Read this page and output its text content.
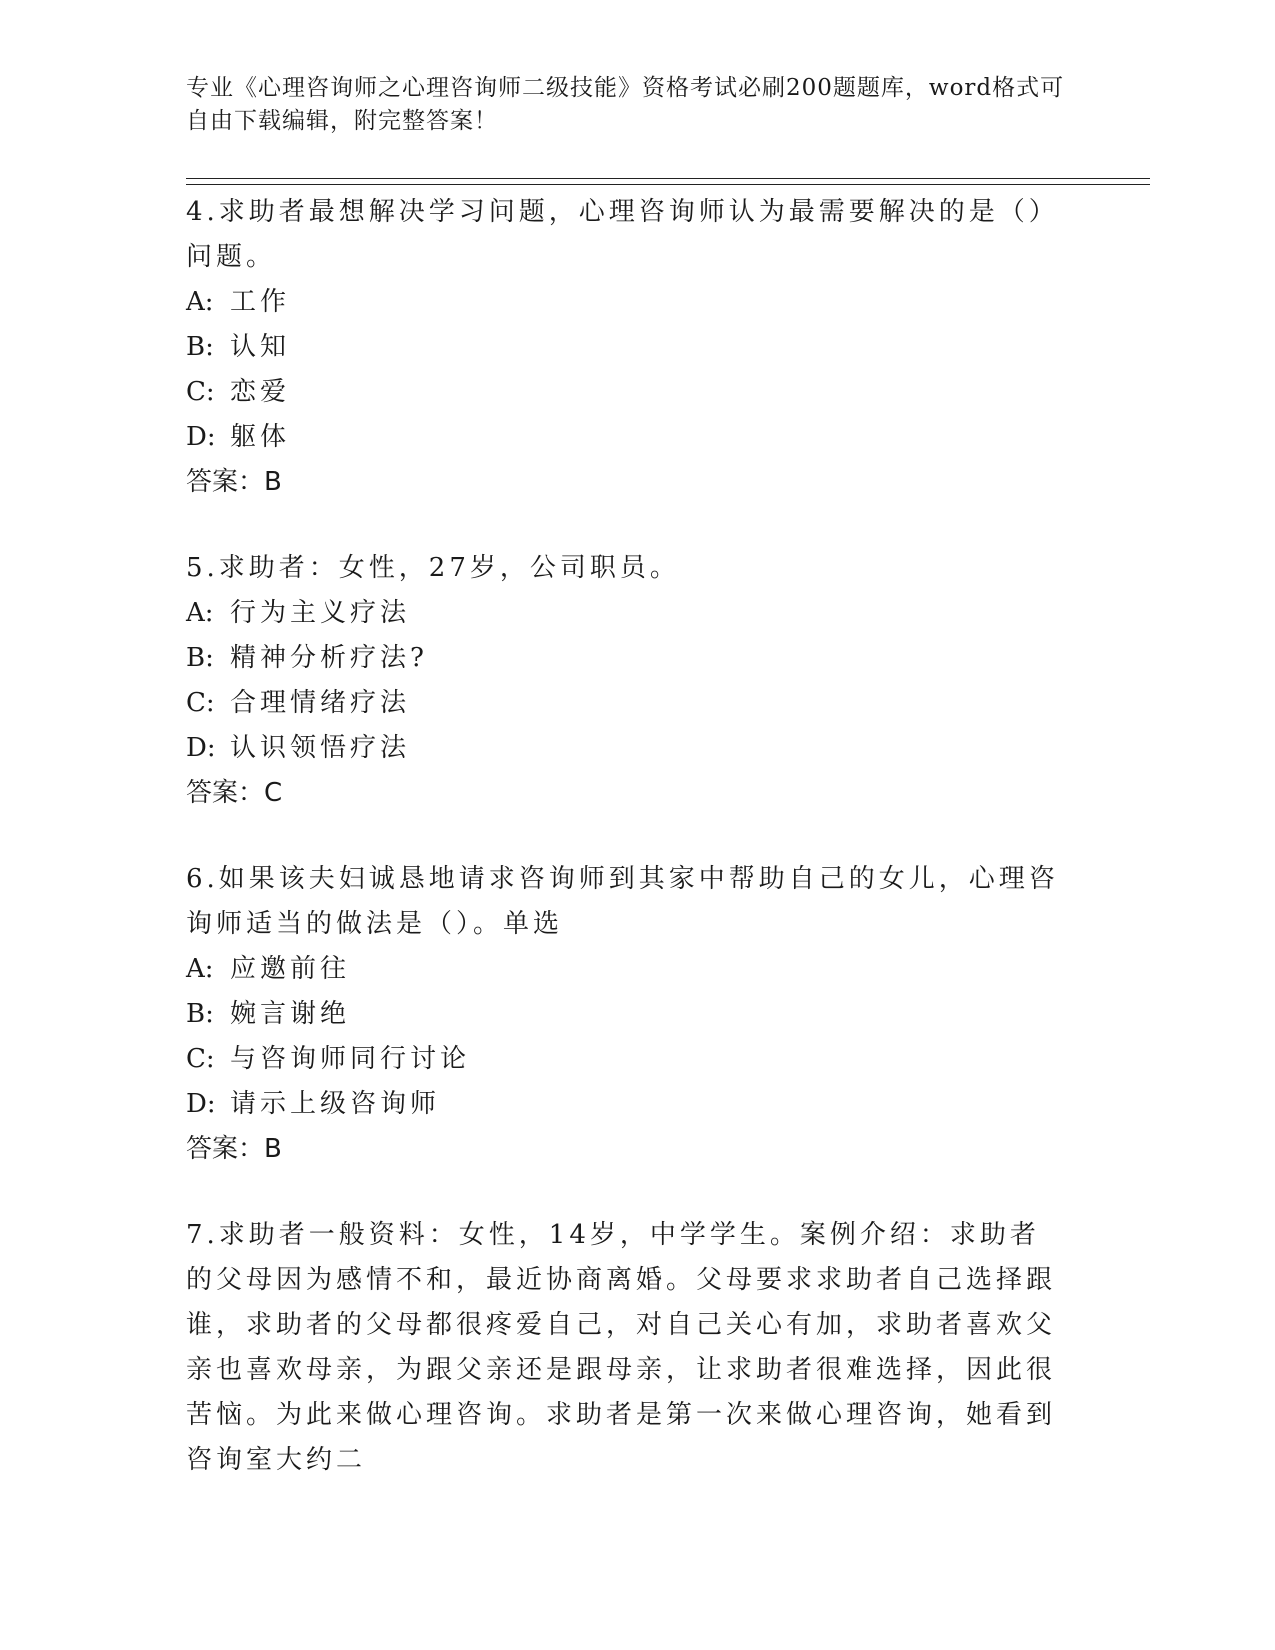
专业《心理咨询师之心理咨询师二级技能》资格考试必刷200题题库，word格式可自由下载编辑，附完整答案！
4.求助者最想解决学习问题，心理咨询师认为最需要解决的是（）问题。
A: 工作
B: 认知
C: 恋爱
D: 躯体
答案：B
5.求助者：女性，27岁，公司职员。
A: 行为主义疗法
B: 精神分析疗法?
C: 合理情绪疗法
D: 认识领悟疗法
答案：C
6.如果该夫妇诚恳地请求咨询师到其家中帮助自己的女儿，心理咨询师适当的做法是（）。单选
A: 应邀前往
B: 婉言谢绝
C: 与咨询师同行讨论
D: 请示上级咨询师
答案：B
7.求助者一般资料：女性，14岁，中学学生。案例介绍：求助者的父母因为感情不和，最近协商离婚。父母要求求助者自己选择跟谁，求助者的父母都很疼爱自己，对自己关心有加，求助者喜欢父亲也喜欢母亲，为跟父亲还是跟母亲，让求助者很难选择，因此很苦恼。为此来做心理咨询。求助者是第一次来做心理咨询，她看到咨询室大约二
